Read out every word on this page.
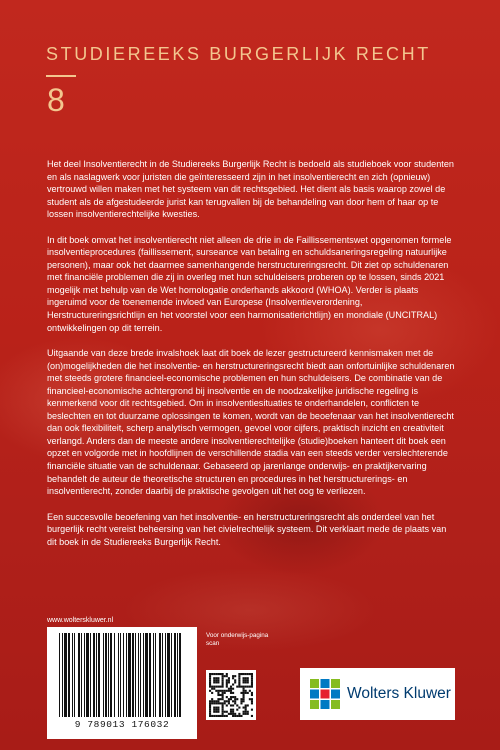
STUDIEREEKS BURGERLIJK RECHT
8

Het deel Insolventierecht in de Studiereeks Burgerlijk Recht is bedoeld als studieboek voor studenten en als naslagwerk voor juristen die geïnteresseerd zijn in het insolventierecht en zich (opnieuw) vertrouwd willen maken met het systeem van dit rechtsgebied. Het dient als basis waarop zowel de student als de afgestudeerde jurist kan terugvallen bij de behandeling van door hem of haar op te lossen insolventierechtelijke kwesties.

In dit boek omvat het insolventierecht niet alleen de drie in de Faillissementswet opgenomen formele insolventieprocedures (faillissement, surseance van betaling en schuldsaneringsregeling natuurlijke personen), maar ook het daarmee samenhangende herstructureringsrecht. Dit ziet op schuldenaren met financiële problemen die zij in overleg met hun schuldeisers proberen op te lossen, sinds 2021 mogelijk met behulp van de Wet homologatie onderhands akkoord (WHOA). Verder is plaats ingeruimd voor de toenemende invloed van Europese (Insolventieverordening, Herstructureringsrichtlijn en het voorstel voor een harmonisatierichtlijn) en mondiale (UNCITRAL) ontwikkelingen op dit terrein.

Uitgaande van deze brede invalshoek laat dit boek de lezer gestructureerd kennismaken met de (on)mogelijkheden die het insolventie- en herstructureringsrecht biedt aan onfortuinlijke schuldenaren met steeds grotere financieel-economische problemen en hun schuldeisers. De combinatie van de financieel-economische achtergrond bij insolventie en de noodzakelijke juridische regeling is kenmerkend voor dit rechtsgebied. Om in insolventiesituaties te onderhandelen, conflicten te beslechten en tot duurzame oplossingen te komen, wordt van de beoefenaar van het insolventierecht dan ook flexibiliteit, scherp analytisch vermogen, gevoel voor cijfers, praktisch inzicht en creativiteit verlangd. Anders dan de meeste andere insolventierechtelijke (studie)boeken hanteert dit boek een opzet en volgorde met in hoofdlijnen de verschillende stadia van een steeds verder verslechterende financiële situatie van de schuldenaar. Gebaseerd op jarenlange onderwijs- en praktijkervaring behandelt de auteur de theoretische structuren en procedures in het herstructurerings- en insolventierecht, zonder daarbij de praktische gevolgen uit het oog te verliezen.

Een succesvolle beoefening van het insolventie- en herstructureringsrecht als onderdeel van het burgerlijk recht vereist beheersing van het civielrechtelijk systeem. Dit verklaart mede de plaats van dit boek in de Studiereeks Burgerlijk Recht.

www.wolterskluwer.nl
9 789013 176032
Voor onderwijs-pagina scan
Wolters Kluwer
